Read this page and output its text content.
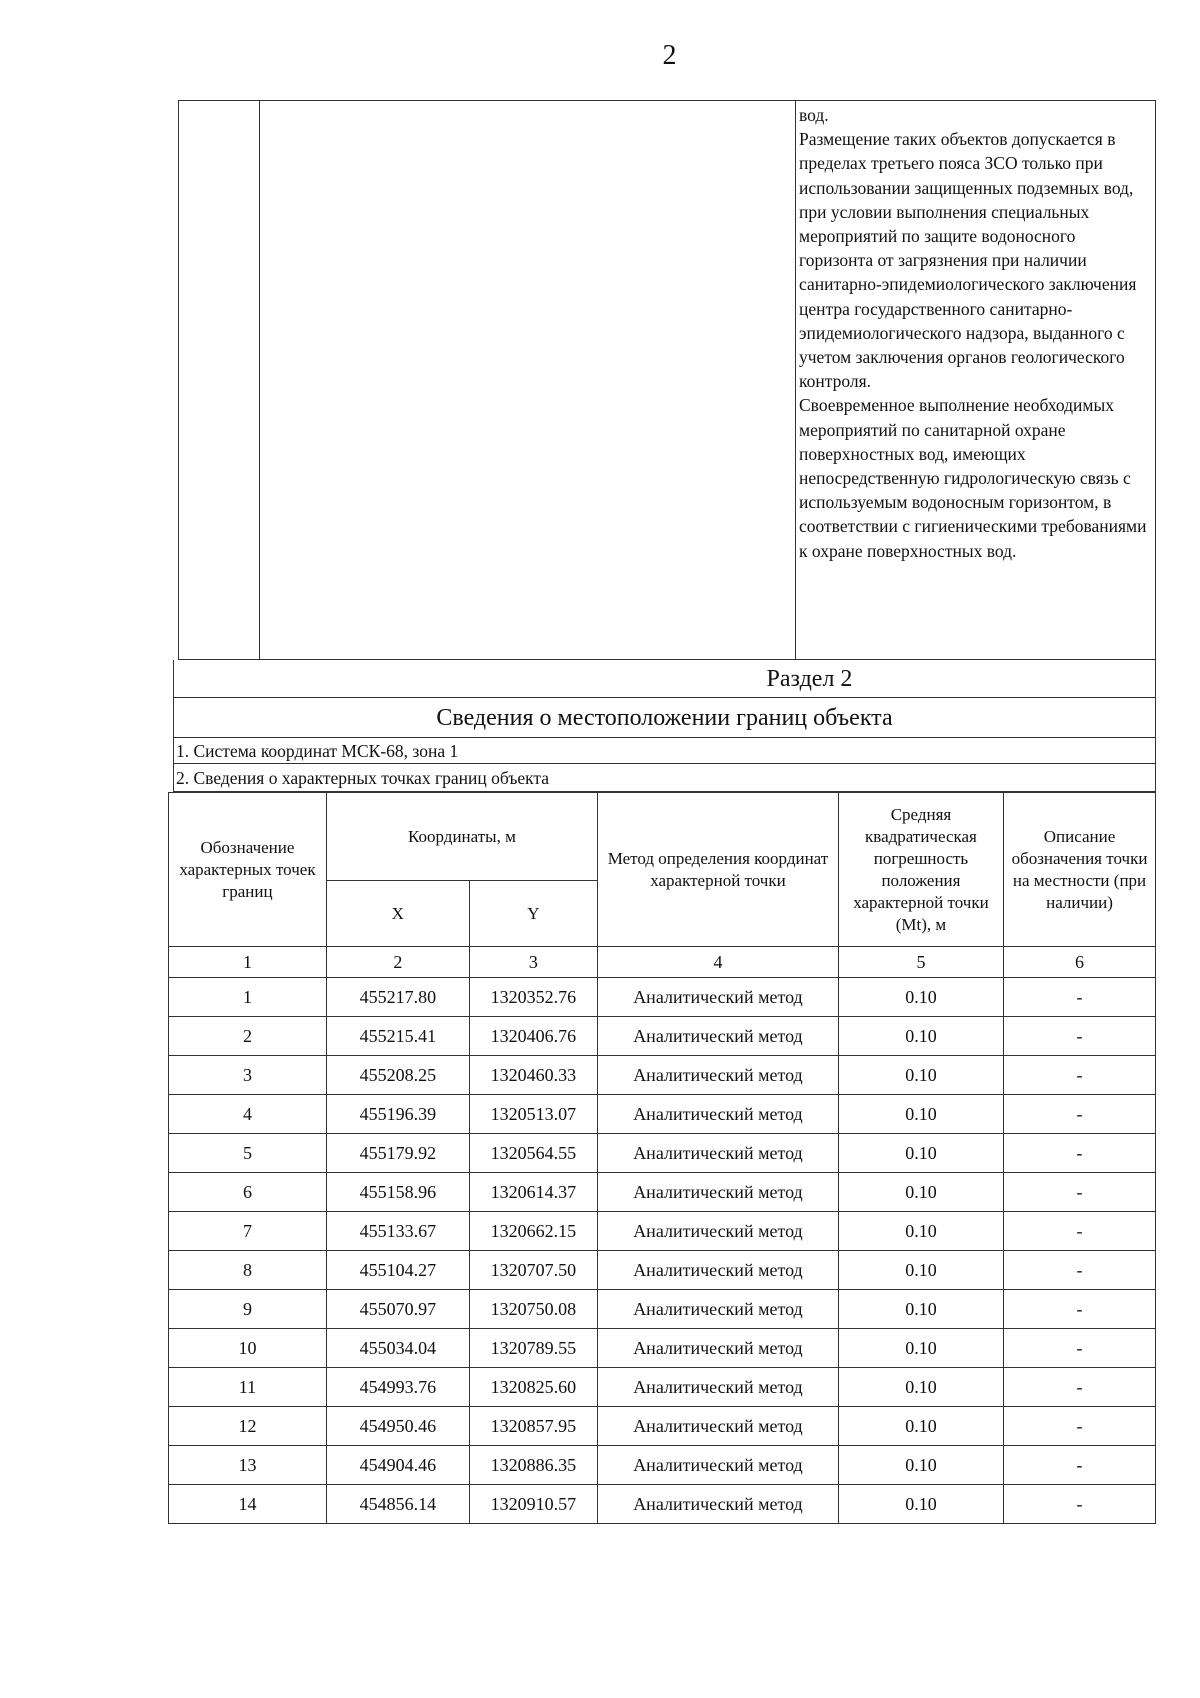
2

вод.

Размещение таких объектов допускается в пределах третьего пояса ЗСО только при использовании защищенных подземных вод, при условии выполнения специальных мероприятий по защите водоносного горизонта от загрязнения при наличии санитарно-эпидемиологического заключения центра государственного санитарно-эпидемиологического надзора, выданного с учетом заключения органов геологического контроля.

Своевременное выполнение необходимых мероприятий по санитарной охране поверхностных вод, имеющих непосредственную гидрологическую связь с используемым водоносным горизонтом, в соответствии с гигиеническими требованиями к охране поверхностных вод.

Раздел 2
Сведения о местоположении границ объекта
1. Система координат МСК-68, зона 1
2. Сведения о характерных точках границ объекта
Обозначение характерных точек границ	Координаты, м		Метод определения координат характерной точки	Средняя квадратическая погрешность положения характерной точки (Mt), м	Описание обозначения точки на местности (при наличии)
	X	Y			
1	2	3	4	5	6
1	455217.80	1320352.76	Аналитический метод	0.10	-
2	455215.41	1320406.76	Аналитический метод	0.10	-
3	455208.25	1320460.33	Аналитический метод	0.10	-
4	455196.39	1320513.07	Аналитический метод	0.10	-
5	455179.92	1320564.55	Аналитический метод	0.10	-
6	455158.96	1320614.37	Аналитический метод	0.10	-
7	455133.67	1320662.15	Аналитический метод	0.10	-
8	455104.27	1320707.50	Аналитический метод	0.10	-
9	455070.97	1320750.08	Аналитический метод	0.10	-
10	455034.04	1320789.55	Аналитический метод	0.10	-
11	454993.76	1320825.60	Аналитический метод	0.10	-
12	454950.46	1320857.95	Аналитический метод	0.10	-
13	454904.46	1320886.35	Аналитический метод	0.10	-
14	454856.14	1320910.57	Аналитический метод	0.10	-
